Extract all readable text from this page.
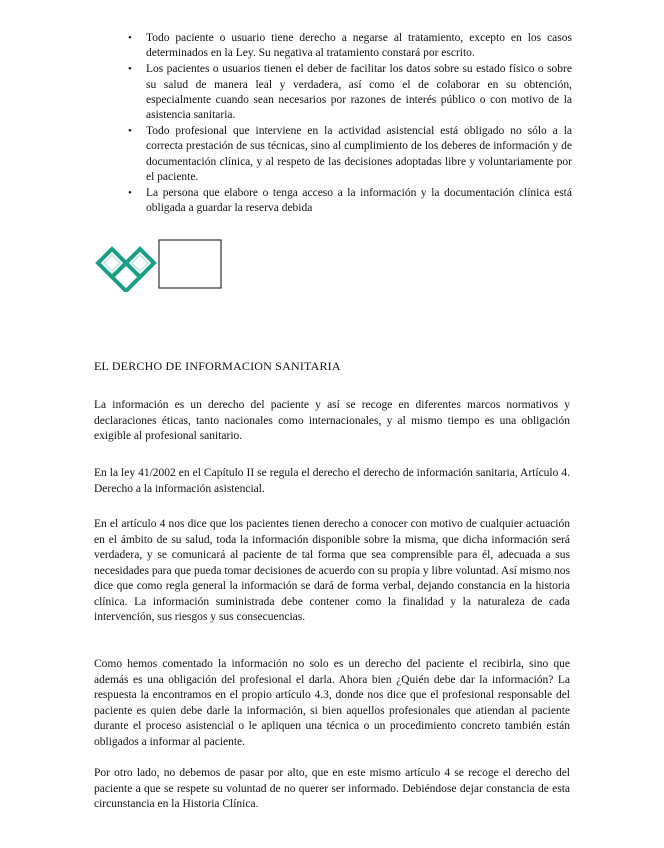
• Todo paciente o usuario tiene derecho a negarse al tratamiento, excepto en los casos determinados en la Ley. Su negativa al tratamiento constará por escrito.
• Los pacientes o usuarios tienen el deber de facilitar los datos sobre su estado físico o sobre su salud de manera leal y verdadera, así como el de colaborar en su obtención, especialmente cuando sean necesarios por razones de interés público o con motivo de la asistencia sanitaria.
• Todo profesional que interviene en la actividad asistencial está obligado no sólo a la correcta prestación de sus técnicas, sino al cumplimiento de los deberes de información y de documentación clínica, y al respeto de las decisiones adoptadas libre y voluntariamente por el paciente.
• La persona que elabore o tenga acceso a la información y la documentación clínica está obligada a guardar la reserva debida
EL DERCHO DE INFORMACION SANITARIA

La información es un derecho del paciente y así se recoge en diferentes marcos normativos y declaraciones éticas, tanto nacionales como internacionales, y al mismo tiempo es una obligación exigible al profesional sanitario.

En la ley 41/2002 en el Capítulo II se regula el derecho el derecho de información sanitaria, Artículo 4. Derecho a la información asistencial.

En el artículo 4 nos dice que los pacientes tienen derecho a conocer con motivo de cualquier actuación en el ámbito de su salud, toda la información disponible sobre la misma, que dicha información será verdadera, y se comunicará al paciente de tal forma que sea comprensible para él, adecuada a sus necesidades para que pueda tomar decisiones de acuerdo con su propia y libre voluntad. Así mismo nos dice que como regla general la información se dará de forma verbal, dejando constancia en la historia clínica. La información suministrada debe contener como la finalidad y la naturaleza de cada intervención, sus riesgos y sus consecuencias.

Como hemos comentado la información no solo es un derecho del paciente el recibirla, sino que además es una obligación del profesional el darla. Ahora bien ¿Quién debe dar la información? La respuesta la encontramos en el propio artículo 4.3, donde nos dice que el profesional responsable del paciente es quien debe darle la información, si bien aquellos profesionales que atiendan al paciente durante el proceso asistencial o le apliquen una técnica o un procedimiento concreto también están obligados a informar al paciente.

Por otro lado, no debemos de pasar por alto, que en este mismo artículo 4 se recoge el derecho del paciente a que se respete su voluntad de no querer ser informado. Debiéndose dejar constancia de esta circunstancia en la Historia Clínica.
